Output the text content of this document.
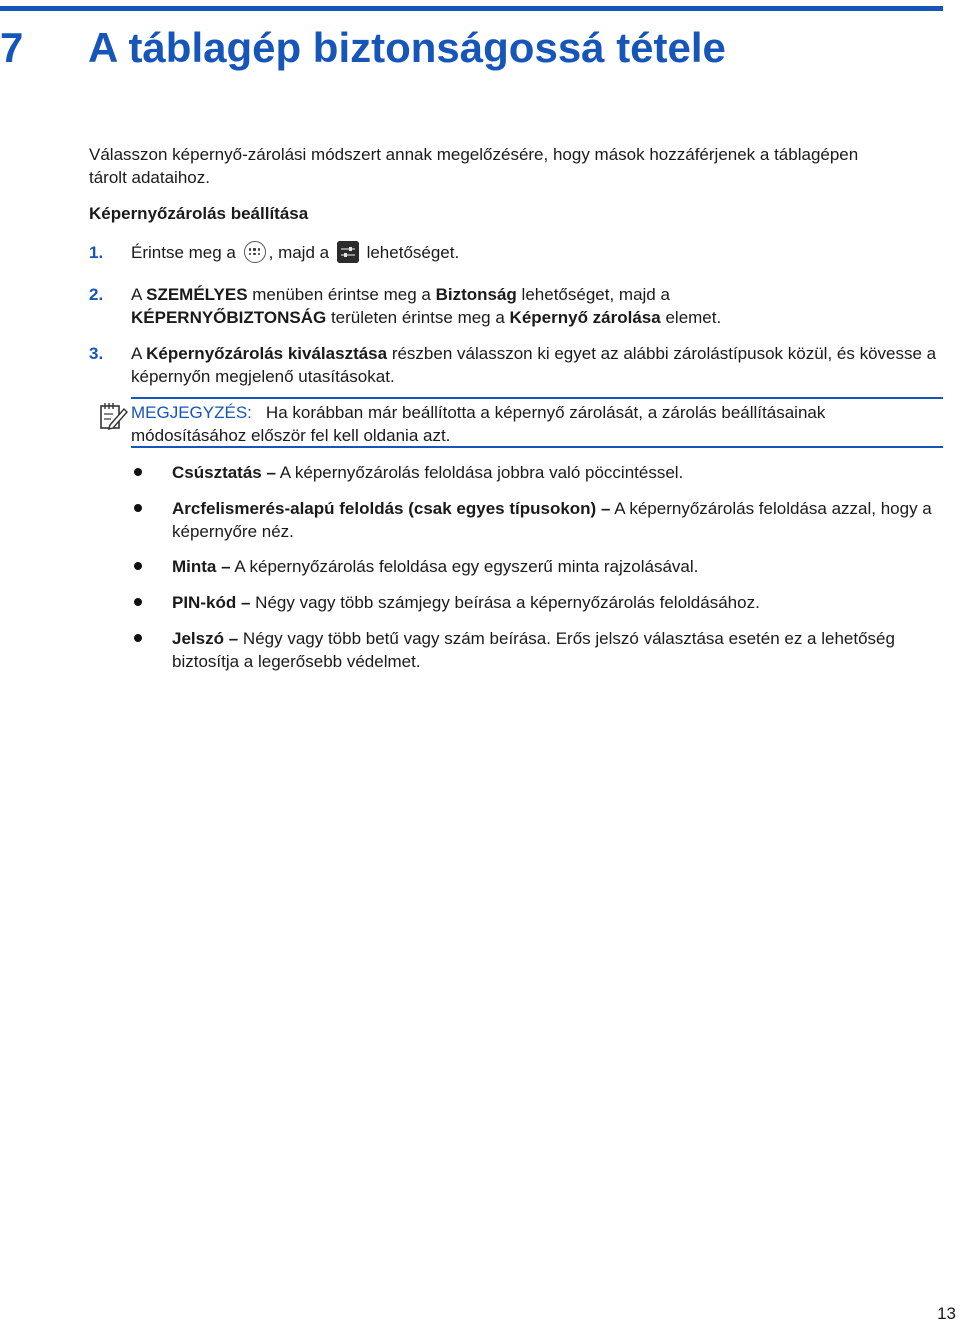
7	A táblagép biztonságossá tétele
Válasszon képernyő-zárolási módszert annak megelőzésére, hogy mások hozzáférjenek a táblagépen tárolt adataihoz.
Képernyőzárolás beállítása
1. Érintse meg a , majd a lehetőséget.
2. A SZEMÉLYES menüben érintse meg a Biztonság lehetőséget, majd a
KÉPERNYŐBIZTONSÁG területen érintse meg a Képernyő zárolása elemet.
3. A Képernyőzárolás kiválasztása részben válasszon ki egyet az alábbi zárolástípusok közül, és kövesse a képernyőn megjelenő utasításokat.
MEGJEGYZÉS: Ha korábban már beállította a képernyő zárolását, a zárolás beállításainak módosításához először fel kell oldania azt.
Csúsztatás – A képernyőzárolás feloldása jobbra való pöccintéssel.
Arcfelismerés-alapú feloldás (csak egyes típusokon) – A képernyőzárolás feloldása azzal, hogy a képernyőre néz.
Minta – A képernyőzárolás feloldása egy egyszerű minta rajzolásával.
PIN-kód – Négy vagy több számjegy beírása a képernyőzárolás feloldásához.
Jelszó – Négy vagy több betű vagy szám beírása. Erős jelszó választása esetén ez a lehetőség biztosítja a legerősebb védelmet.
13
